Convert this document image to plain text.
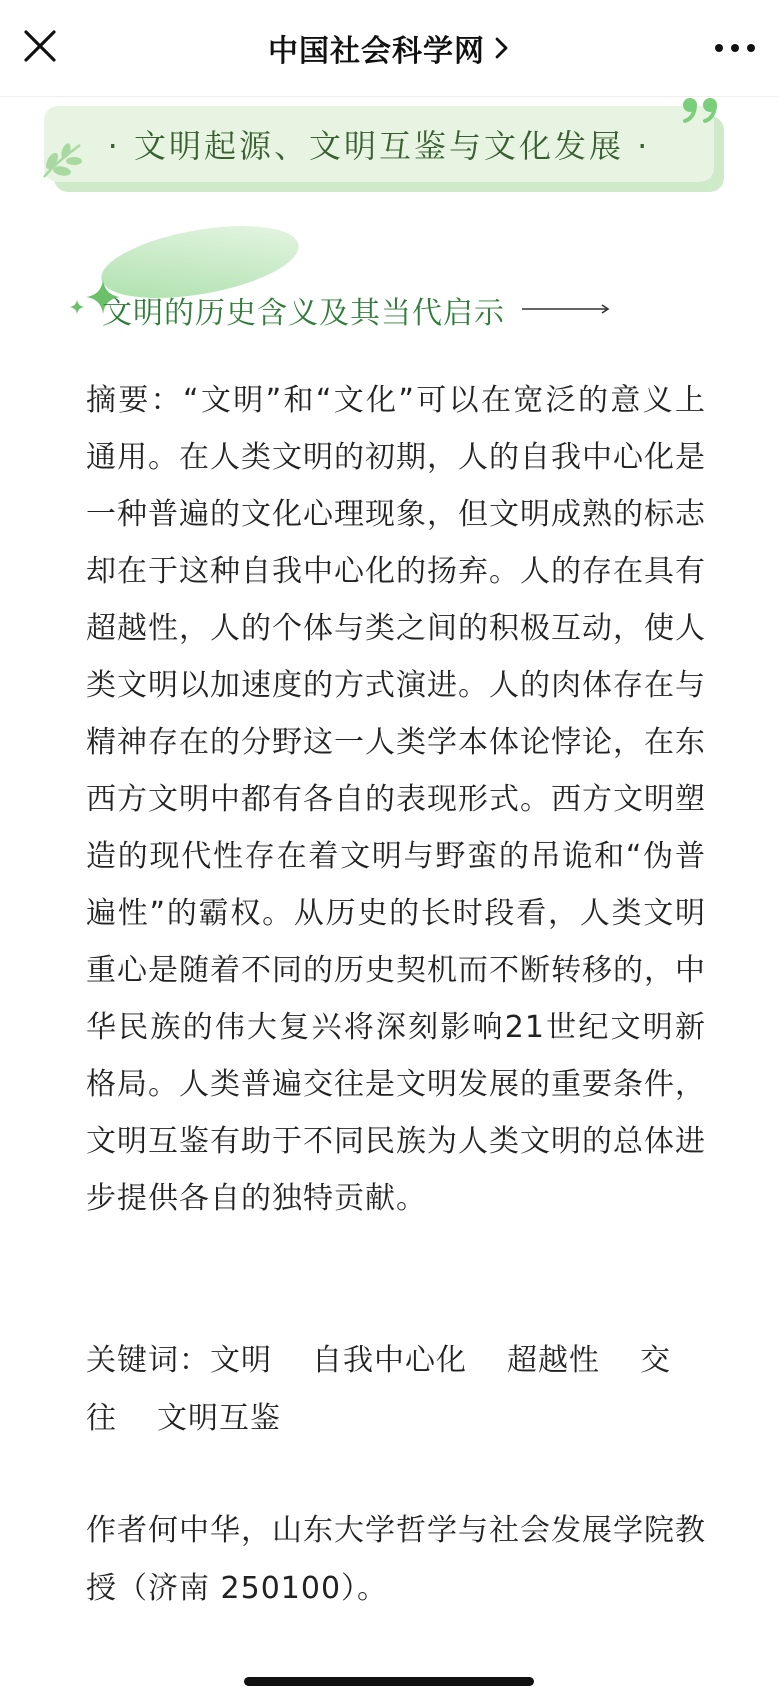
中国社会科学网
· 文明起源、文明互鉴与文化发展 ·
文明的历史含义及其当代启示
摘要：“文明”和“文化”可以在宽泛的意义上通用。在人类文明的初期，人的自我中心化是一种普遍的文化心理现象，但文明成熟的标志却在于这种自我中心化的扬弃。人的存在具有超越性，人的个体与类之间的积极互动，使人类文明以加速度的方式演进。人的肉体存在与精神存在的分野这一人类学本体论悖论，在东西方文明中都有各自的表现形式。西方文明塑造的现代性存在着文明与野蛮的吊诡和“伪普遍性”的霸权。从历史的长时段看，人类文明重心是随着不同的历史契机而不断转移的，中华民族的伟大复兴将深刻影响21世纪文明新格局。人类普遍交往是文明发展的重要条件，文明互鉴有助于不同民族为人类文明的总体进步提供各自的独特贡献。
关键词：文明 自我中心化 超越性 交往 文明互鉴
作者何中华，山东大学哲学与社会发展学院教授（济南 250100）。
